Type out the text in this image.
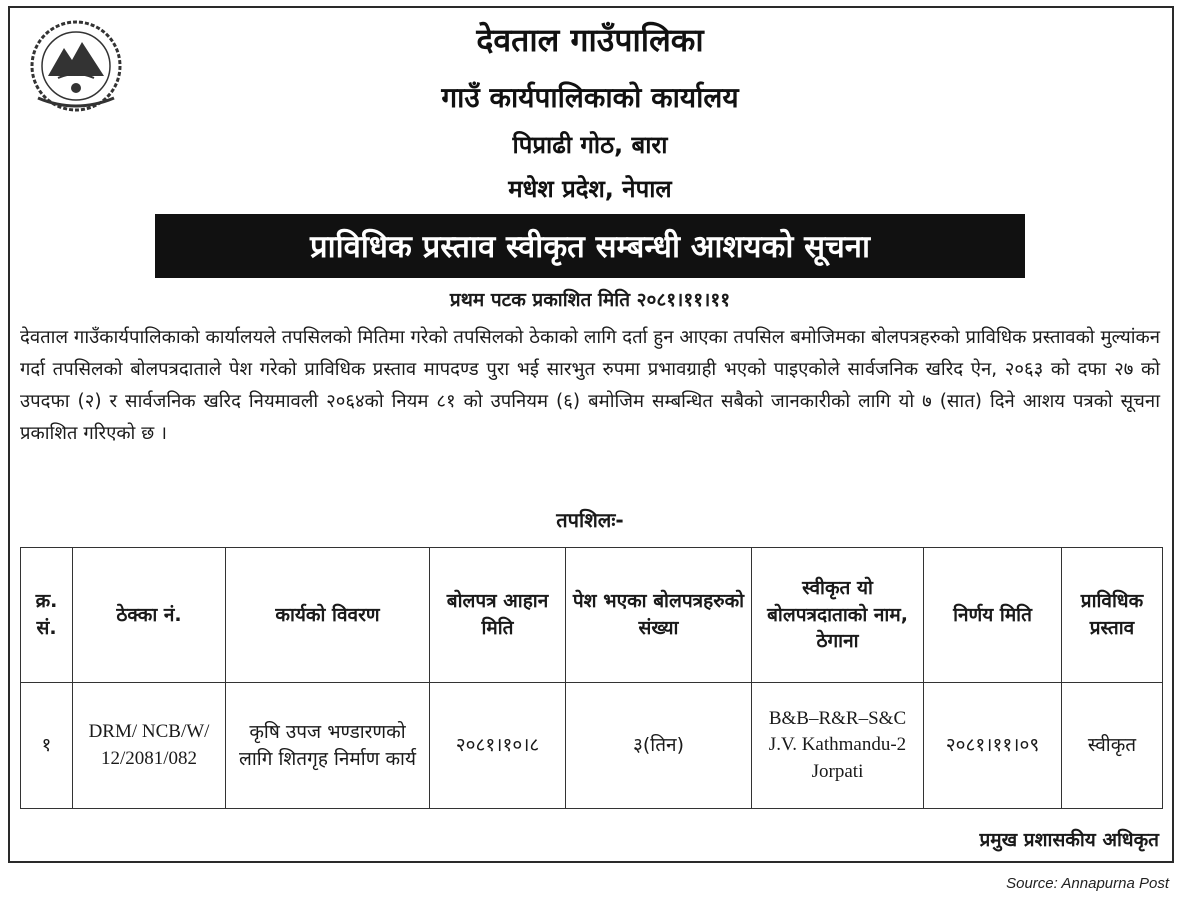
देवताल गाउँपालिका
गाउँ कार्यपालिकाको कार्यालय
पिप्राढी गोठ, बारा
मधेश प्रदेश, नेपाल
प्राविधिक प्रस्ताव स्वीकृत सम्बन्धी आशयको सूचना
प्रथम पटक प्रकाशित मिति २०८१।११।११
देवताल गाउँकार्यपालिकाको कार्यालयले तपसिलको मितिमा गरेको तपसिलको ठेकाको लागि दर्ता हुन आएका तपसिल बमोजिमका बोलपत्रहरुको प्राविधिक प्रस्तावको मुल्यांकन गर्दा तपसिलको बोलपत्रदाताले पेश गरेको प्राविधिक प्रस्ताव मापदण्ड पुरा भई सारभुत रुपमा प्रभावग्राही भएको पाइएकोले सार्वजनिक खरिद ऐन, २०६३ को दफा २७ को उपदफा (२) र सार्वजनिक खरिद नियमावली २०६४को नियम ८१ को उपनियम (६) बमोजिम सम्बन्धित सबैको जानकारीको लागि यो ७ (सात) दिने आशय पत्रको सूचना प्रकाशित गरिएको छ ।
तपशिलः-
क्र. सं.	ठेक्का नं.	कार्यको विवरण	बोलपत्र आहान मिति	पेश भएका बोलपत्रहरुको संख्या	स्वीकृत यो बोलपत्रदाताको नाम, ठेगाना	निर्णय मिति	प्राविधिक प्रस्ताव
१	DRM/ NCB/W/ 12/2081/082	कृषि उपज भण्डारणको लागि शितगृह निर्माण कार्य	२०८१।१०।८	३(तिन)	B&B–R&R–S&C J.V. Kathmandu-2 Jorpati	२०८१।११।०९	स्वीकृत
प्रमुख प्रशासकीय अधिकृत
Source: Annapurna Post
